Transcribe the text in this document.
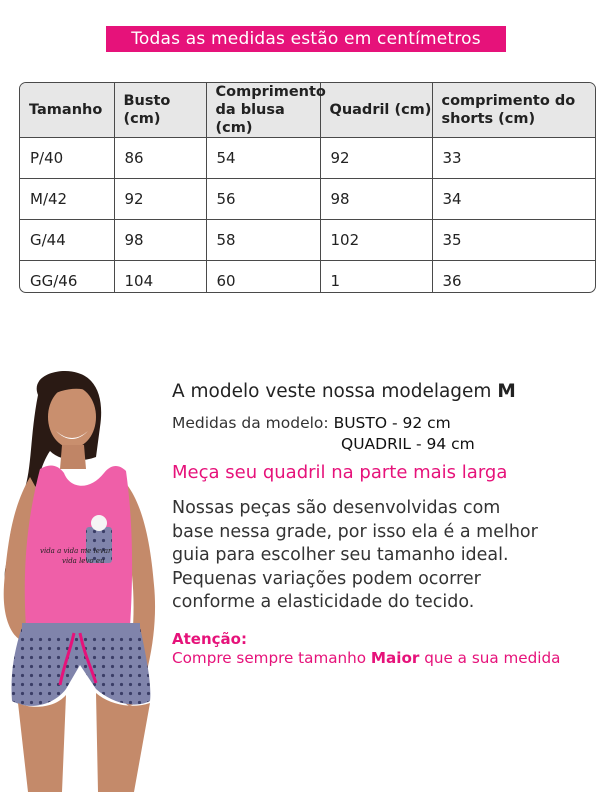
Todas as medidas estão em centímetros
Tamanho	Busto (cm)	Comprimento da blusa (cm)	Quadril (cm)	comprimento do shorts (cm)
P/40	86	54	92	33
M/42	92	56	98	34
G/44	98	58	102	35
GG/46	104	60	1	36
vida a vida me levar
vida levo eu
A modelo veste nossa modelagem M
Medidas da modelo: BUSTO - 92 cm
QUADRIL - 94 cm
Meça seu quadril na parte mais larga
Nossas peças são desenvolvidas com
base nessa grade, por isso ela é a melhor
guia para escolher seu tamanho ideal.
Pequenas variações podem ocorrer
conforme a elasticidade do tecido.
Atenção:
Compre sempre tamanho Maior que a sua medida
